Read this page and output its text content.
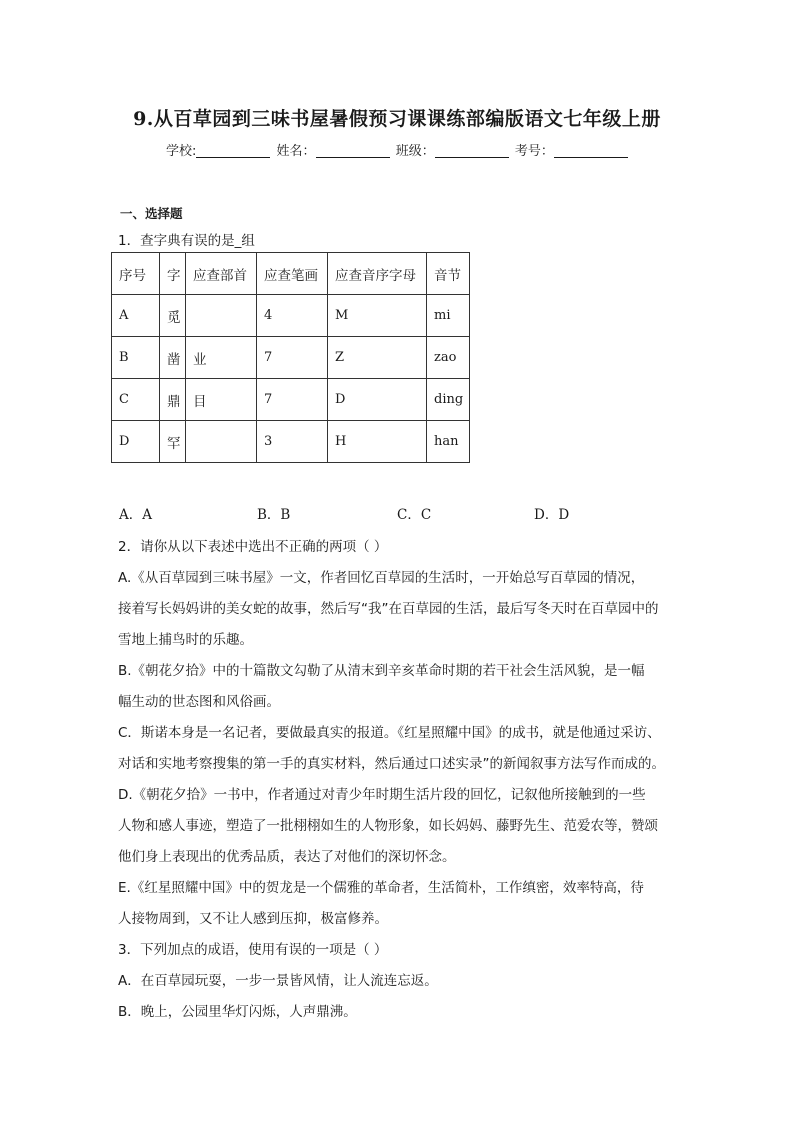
9.从百草园到三味书屋暑假预习课课练部编版语文七年级上册
学校:	姓名：	班级：	考号：
一、选择题
1．查字典有误的是_组
序号	字	应查部首	应查笔画	应查音序字母	音节
A	觅		4	M	mi
B	凿	业	7	Z	zao
C	鼎	目	7	D	ding
D	罕		3	H	han
A．A	B．B	C．C	D．D
2．请你从以下表述中选出不正确的两项（ ）
A.《从百草园到三味书屋》一文，作者回忆百草园的生活时，一开始总写百草园的情况，
接着写长妈妈讲的美女蛇的故事，然后写“我”在百草园的生活，最后写冬天时在百草园中的
雪地上捕鸟时的乐趣。
B.《朝花夕拾》中的十篇散文勾勒了从清末到辛亥革命时期的若干社会生活风貌，是一幅
幅生动的世态图和风俗画。
C．斯诺本身是一名记者，要做最真实的报道。《红星照耀中国》的成书，就是他通过采访、
对话和实地考察搜集的第一手的真实材料，然后通过口述实录”的新闻叙事方法写作而成的。
D.《朝花夕拾》一书中，作者通过对青少年时期生活片段的回忆，记叙他所接触到的一些
人物和感人事迹，塑造了一批栩栩如生的人物形象，如长妈妈、藤野先生、范爱农等，赞颂
他们身上表现出的优秀品质，表达了对他们的深切怀念。
E.《红星照耀中国》中的贺龙是一个儒雅的革命者，生活简朴，工作缜密，效率特高，待
人接物周到，又不让人感到压抑，极富修养。
3．下列加点的成语，使用有误的一项是（ ）
A．在百草园玩耍，一步一景皆风情，让人流连忘返。
B．晚上，公园里华灯闪烁，人声鼎沸。
